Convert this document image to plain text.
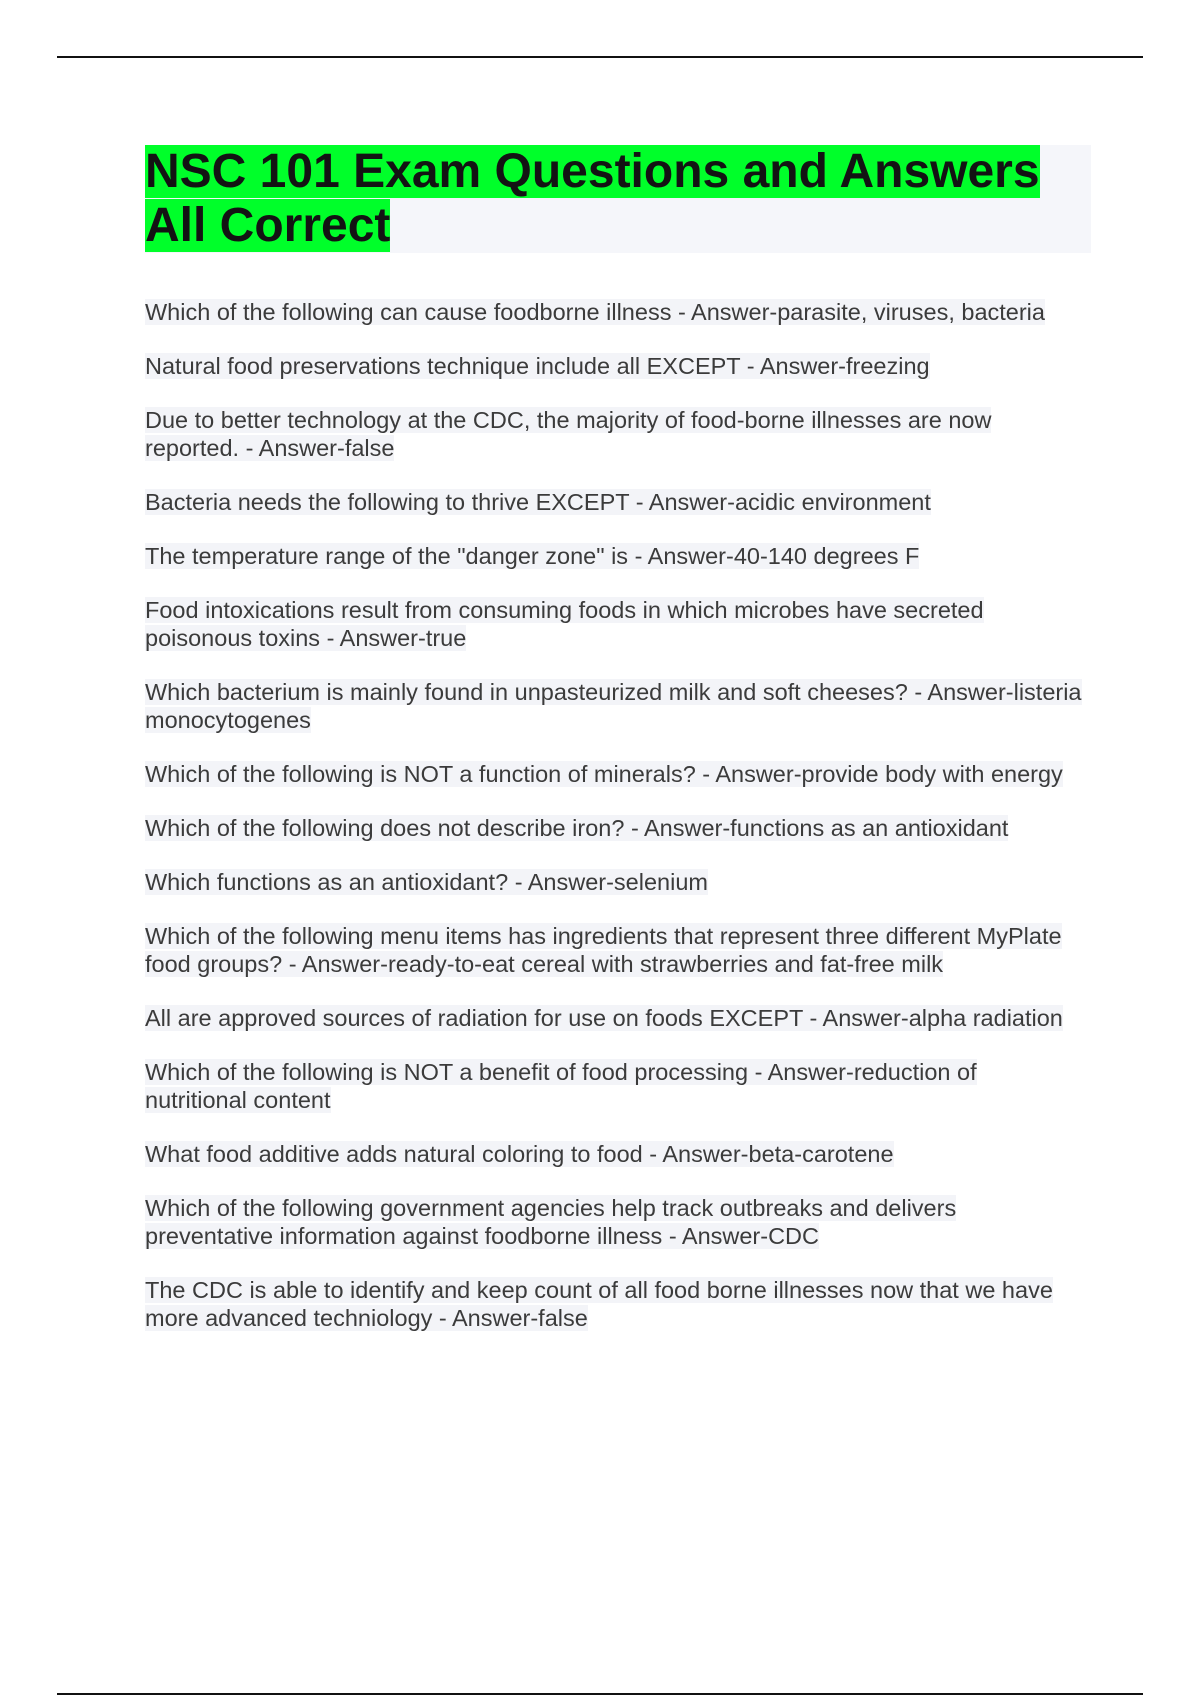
NSC 101 Exam Questions and Answers All Correct
Which of the following can cause foodborne illness - Answer-parasite, viruses, bacteria
Natural food preservations technique include all EXCEPT - Answer-freezing
Due to better technology at the CDC, the majority of food-borne illnesses are now reported. - Answer-false
Bacteria needs the following to thrive EXCEPT - Answer-acidic environment
The temperature range of the "danger zone" is - Answer-40-140 degrees F
Food intoxications result from consuming foods in which microbes have secreted poisonous toxins - Answer-true
Which bacterium is mainly found in unpasteurized milk and soft cheeses? - Answer-listeria monocytogenes
Which of the following is NOT a function of minerals? - Answer-provide body with energy
Which of the following does not describe iron? - Answer-functions as an antioxidant
Which functions as an antioxidant? - Answer-selenium
Which of the following menu items has ingredients that represent three different MyPlate food groups? - Answer-ready-to-eat cereal with strawberries and fat-free milk
All are approved sources of radiation for use on foods EXCEPT - Answer-alpha radiation
Which of the following is NOT a benefit of food processing - Answer-reduction of nutritional content
What food additive adds natural coloring to food - Answer-beta-carotene
Which of the following government agencies help track outbreaks and delivers preventative information against foodborne illness - Answer-CDC
The CDC is able to identify and keep count of all food borne illnesses now that we have more advanced techniology - Answer-false
